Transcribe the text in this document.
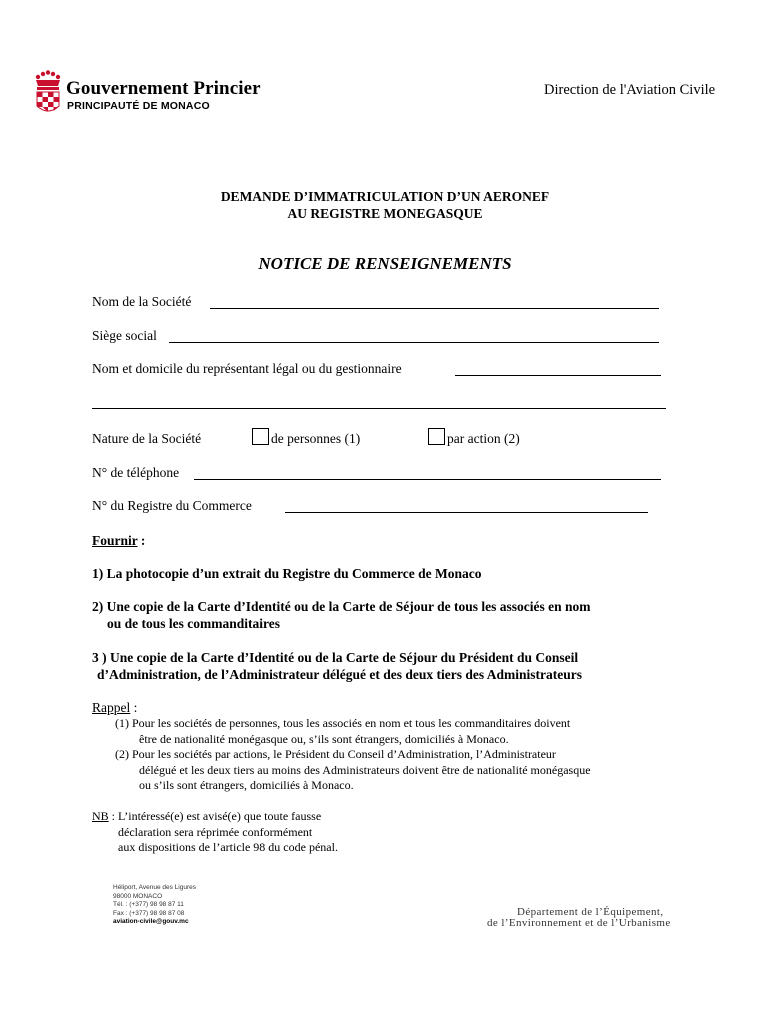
Gouvernement Princier
PRINCIPAUTÉ DE MONACO
Direction de l'Aviation Civile
DEMANDE D’IMMATRICULATION D’UN AERONEF
AU REGISTRE MONEGASQUE
NOTICE DE RENSEIGNEMENTS
Nom de la Société
Siège social
Nom et domicile du représentant légal ou du gestionnaire
Nature de la Société	de personnes (1)	par action (2)
N° de téléphone
N° du Registre du Commerce
Fournir :
1) La photocopie d’un extrait du Registre du Commerce de Monaco
2) Une copie de la Carte d’Identité ou de la Carte de Séjour de tous les associés en nom
ou de tous les commanditaires
3 ) Une copie de la Carte d’Identité ou de la Carte de Séjour du Président du Conseil
d’Administration, de l’Administrateur délégué et des deux tiers des Administrateurs
Rappel :
(1) Pour les sociétés de personnes, tous les associés en nom et tous les commanditaires doivent
être de nationalité monégasque ou, s’ils sont étrangers, domiciliés à Monaco.
(2) Pour les sociétés par actions, le Président du Conseil d’Administration, l’Administrateur
délégué et les deux tiers au moins des Administrateurs doivent être de nationalité monégasque
ou s’ils sont étrangers, domiciliés à Monaco.
NB : L’intéressé(e) est avisé(e) que toute fausse
déclaration sera réprimée conformément
aux dispositions de l’article 98 du code pénal.
Héliport, Avenue des Ligures
98000 MONACO
Tél. : (+377) 98 98 87 11
Fax : (+377) 98 98 87 08
aviation-civile@gouv.mc
Département de l’Équipement,
de l’Environnement et de l’Urbanisme
